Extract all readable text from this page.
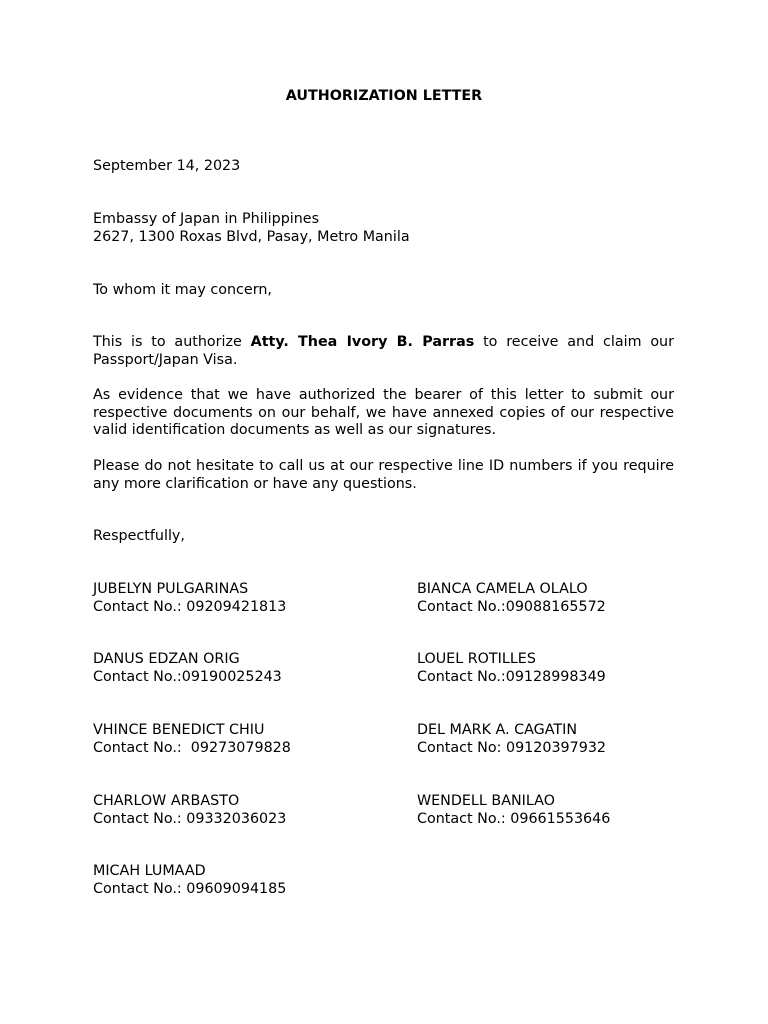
AUTHORIZATION LETTER
September 14, 2023
Embassy of Japan in Philippines
2627, 1300 Roxas Blvd, Pasay, Metro Manila
To whom it may concern,
This is to authorize Atty. Thea Ivory B. Parras to receive and claim our Passport/Japan Visa.
As evidence that we have authorized the bearer of this letter to submit our respective documents on our behalf, we have annexed copies of our respective valid identification documents as well as our signatures.
Please do not hesitate to call us at our respective line ID numbers if you require any more clarification or have any questions.
Respectfully,
JUBELYN PULGARINAS
Contact No.: 09209421813
BIANCA CAMELA OLALO
Contact No.:09088165572
DANUS EDZAN ORIG
Contact No.:09190025243
LOUEL ROTILLES
Contact No.:09128998349
VHINCE BENEDICT CHIU
Contact No.:  09273079828
DEL MARK A. CAGATIN
Contact No: 09120397932
CHARLOW ARBASTO
Contact No.: 09332036023
WENDELL BANILAO
Contact No.: 09661553646
MICAH LUMAAD
Contact No.: 09609094185
